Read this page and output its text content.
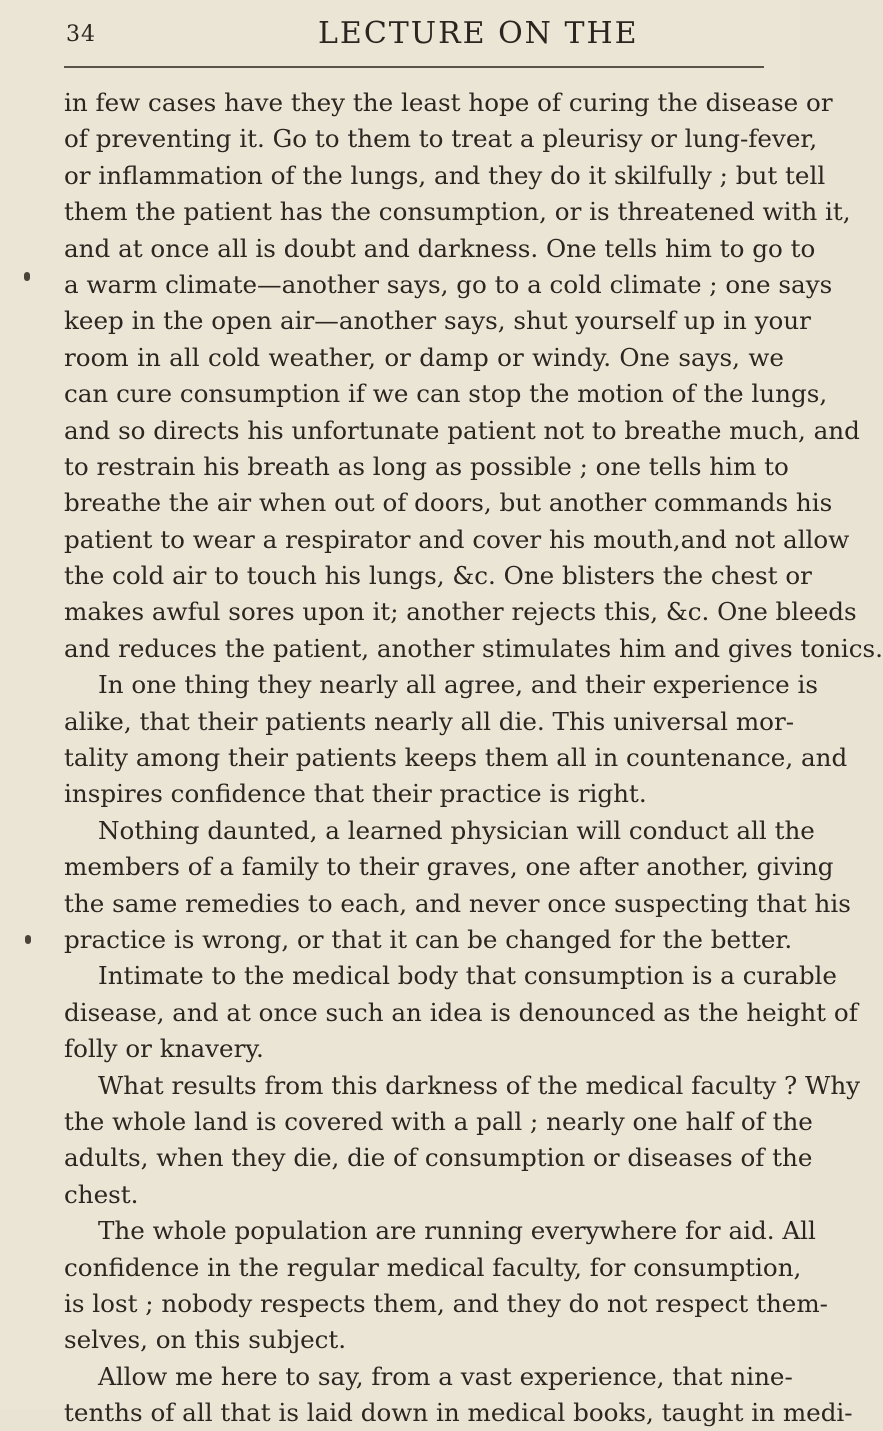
34	LECTURE ON THE
in few cases have they the least hope of curing the disease or
of preventing it. Go to them to treat a pleurisy or lung-fever,
or inflammation of the lungs, and they do it skilfully ; but tell
them the patient has the consumption, or is threatened with it,
and at once all is doubt and darkness. One tells him to go to
a warm climate—another says, go to a cold climate ; one says
keep in the open air—another says, shut yourself up in your
room in all cold weather, or damp or windy. One says, we
can cure consumption if we can stop the motion of the lungs,
and so directs his unfortunate patient not to breathe much, and
to restrain his breath as long as possible ; one tells him to
breathe the air when out of doors, but another commands his
patient to wear a respirator and cover his mouth,and not allow
the cold air to touch his lungs, &c. One blisters the chest or
makes awful sores upon it; another rejects this, &c. One bleeds
and reduces the patient, another stimulates him and gives tonics.
In one thing they nearly all agree, and their experience is
alike, that their patients nearly all die. This universal mor-
tality among their patients keeps them all in countenance, and
inspires confidence that their practice is right.
Nothing daunted, a learned physician will conduct all the
members of a family to their graves, one after another, giving
the same remedies to each, and never once suspecting that his
practice is wrong, or that it can be changed for the better.
Intimate to the medical body that consumption is a curable
disease, and at once such an idea is denounced as the height of
folly or knavery.
What results from this darkness of the medical faculty ? Why
the whole land is covered with a pall ; nearly one half of the
adults, when they die, die of consumption or diseases of the
chest.
The whole population are running everywhere for aid. All
confidence in the regular medical faculty, for consumption,
is lost ; nobody respects them, and they do not respect them-
selves, on this subject.
Allow me here to say, from a vast experience, that nine-
tenths of all that is laid down in medical books, taught in medi-
